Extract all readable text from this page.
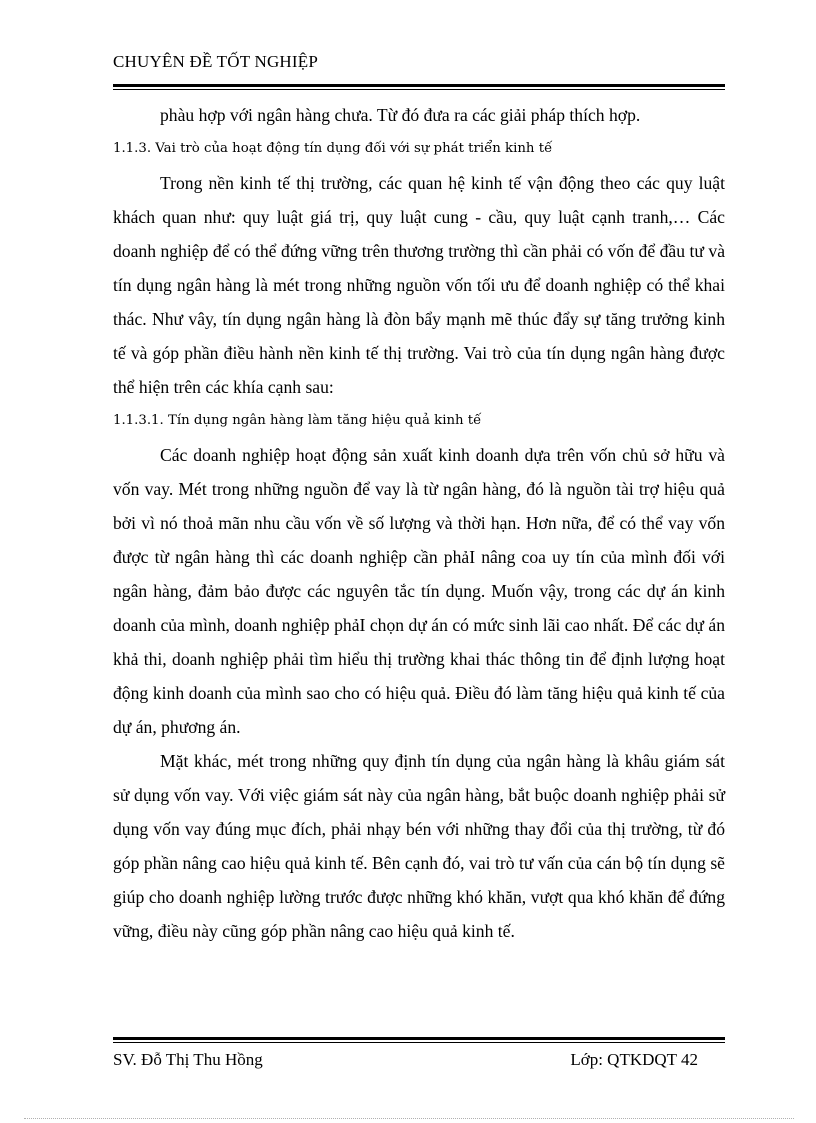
CHUYÊN ĐỀ TỐT NGHIỆP

phàu hợp với ngân hàng chưa. Từ đó đưa ra các giải pháp thích hợp.

1.1.3. Vai trò của hoạt động tín dụng đối với sự phát triển kinh tế

Trong nền kinh tế thị trường, các quan hệ kinh tế vận động theo các quy luật khách quan như: quy luật giá trị, quy luật cung - cầu, quy luật cạnh tranh,… Các doanh nghiệp để có thể đứng vững trên thương trường thì cần phải có vốn để đầu tư và tín dụng ngân hàng là mét trong những nguồn vốn tối ưu để doanh nghiệp có thể khai thác. Như vây, tín dụng ngân hàng là đòn bẩy mạnh mẽ thúc đẩy sự tăng trưởng kinh tế và góp phần điều hành nền kinh tế thị trường. Vai trò của tín dụng ngân hàng được thể hiện trên các khía cạnh sau:

1.1.3.1. Tín dụng ngân hàng làm tăng hiệu quả kinh tế

Các doanh nghiệp hoạt động sản xuất kinh doanh dựa trên vốn chủ sở hữu và vốn vay. Mét trong những nguồn để vay là từ ngân hàng, đó là nguồn tài trợ hiệu quả bởi vì nó thoả mãn nhu cầu vốn về số lượng và thời hạn. Hơn nữa, để có thể vay vốn được từ ngân hàng thì các doanh nghiệp cần phảI nâng coa uy tín của mình đối với ngân hàng, đảm bảo được các nguyên tắc tín dụng. Muốn vậy, trong các dự án kinh doanh của mình, doanh nghiệp phảI chọn dự án có mức sinh lãi cao nhất. Để các dự án khả thi, doanh nghiệp phải tìm hiểu thị trường khai thác thông tin để định lượng hoạt động kinh doanh của mình sao cho có hiệu quả. Điều đó làm tăng hiệu quả kinh tế của dự án, phương án.

Mặt khác, mét trong những quy định tín dụng của ngân hàng là khâu giám sát sử dụng vốn vay. Với việc giám sát này của ngân hàng, bắt buộc doanh nghiệp phải sử dụng vốn vay đúng mục đích, phải nhạy bén với những thay đổi của thị trường, từ đó góp phần nâng cao hiệu quả kinh tế. Bên cạnh đó, vai trò tư vấn của cán bộ tín dụng sẽ giúp cho doanh nghiệp lường trước được những khó khăn, vượt qua khó khăn để đứng vững, điều này cũng góp phần nâng cao hiệu quả kinh tế.

SV. Đỗ Thị Thu Hồng	Lớp: QTKDQT 42
